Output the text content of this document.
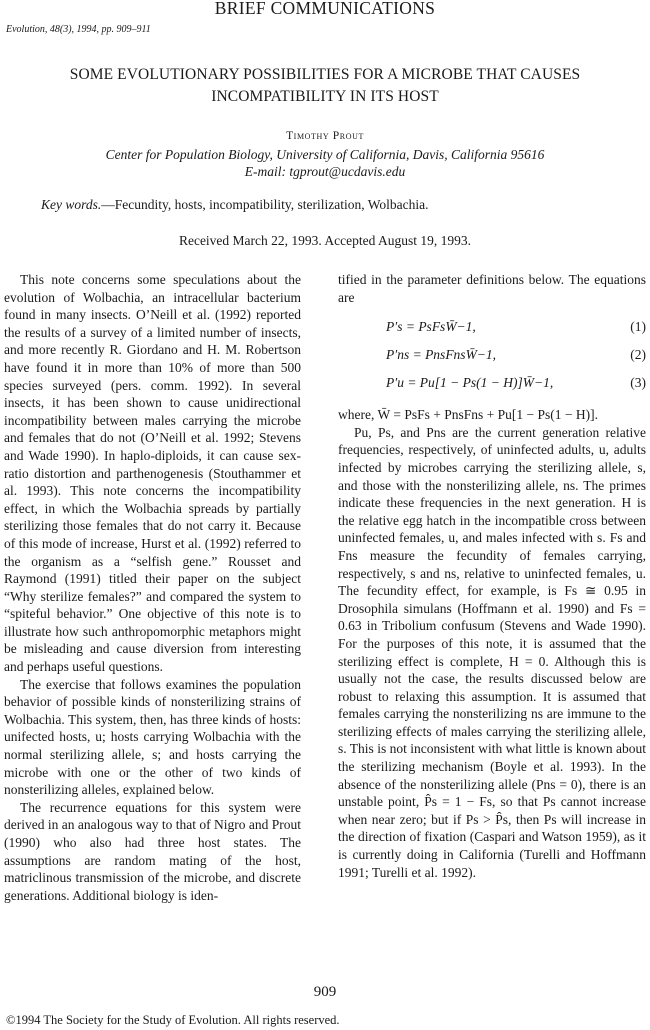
BRIEF COMMUNICATIONS
Evolution, 48(3), 1994, pp. 909–911
SOME EVOLUTIONARY POSSIBILITIES FOR A MICROBE THAT CAUSES INCOMPATIBILITY IN ITS HOST
Timothy Prout
Center for Population Biology, University of California, Davis, California 95616
E-mail: tgprout@ucdavis.edu
Key words.—Fecundity, hosts, incompatibility, sterilization, Wolbachia.
Received March 22, 1993. Accepted August 19, 1993.

This note concerns some speculations about the evolution of Wolbachia, an intracellular bacterium found in many insects. O’Neill et al. (1992) reported the results of a survey of a limited number of insects, and more recently R. Giordano and H. M. Robertson have found it in more than 10% of more than 500 species surveyed (pers. comm. 1992). In several insects, it has been shown to cause unidirectional incompatibility between males carrying the microbe and females that do not (O’Neill et al. 1992; Stevens and Wade 1990). In haplo-diploids, it can cause sex-ratio distortion and parthenogenesis (Stouthammer et al. 1993). This note concerns the incompatibility effect, in which the Wolbachia spreads by partially sterilizing those females that do not carry it. Because of this mode of increase, Hurst et al. (1992) referred to the organism as a “selfish gene.” Rousset and Raymond (1991) titled their paper on the subject “Why sterilize females?” and compared the system to “spiteful behavior.” One objective of this note is to illustrate how such anthropomorphic metaphors might be misleading and cause diversion from interesting and perhaps useful questions.

The exercise that follows examines the population behavior of possible kinds of nonsterilizing strains of Wolbachia. This system, then, has three kinds of hosts: unifected hosts, u; hosts carrying Wolbachia with the normal sterilizing allele, s; and hosts carrying the microbe with one or the other of two kinds of nonsterilizing alleles, explained below.

The recurrence equations for this system were derived in an analogous way to that of Nigro and Prout (1990) who also had three host states. The assumptions are random mating of the host, matriclinous transmission of the microbe, and discrete generations. Additional biology is iden-

tified in the parameter definitions below. The equations are

P′s = PsFsW̄−1,	(1)
P′ns = PnsFnsW̄−1,	(2)
P′u = Pu[1 − Ps(1 − H)]W̄−1,	(3)

where, W̄ = PsFs + PnsFns + Pu[1 − Ps(1 − H)].

Pu, Ps, and Pns are the current generation relative frequencies, respectively, of uninfected adults, u, adults infected by microbes carrying the sterilizing allele, s, and those with the nonsterilizing allele, ns. The primes indicate these frequencies in the next generation. H is the relative egg hatch in the incompatible cross between uninfected females, u, and males infected with s. Fs and Fns measure the fecundity of females carrying, respectively, s and ns, relative to uninfected females, u. The fecundity effect, for example, is Fs ≅ 0.95 in Drosophila simulans (Hoffmann et al. 1990) and Fs = 0.63 in Tribolium confusum (Stevens and Wade 1990). For the purposes of this note, it is assumed that the sterilizing effect is complete, H = 0. Although this is usually not the case, the results discussed below are robust to relaxing this assumption. It is assumed that females carrying the nonsterilizing ns are immune to the sterilizing effects of males carrying the sterilizing allele, s. This is not inconsistent with what little is known about the sterilizing mechanism (Boyle et al. 1993). In the absence of the nonsterilizing allele (Pns = 0), there is an unstable point, P̂s = 1 − Fs, so that Ps cannot increase when near zero; but if Ps > P̂s, then Ps will increase in the direction of fixation (Caspari and Watson 1959), as it is currently doing in California (Turelli and Hoffmann 1991; Turelli et al. 1992).

909
©1994 The Society for the Study of Evolution. All rights reserved.
